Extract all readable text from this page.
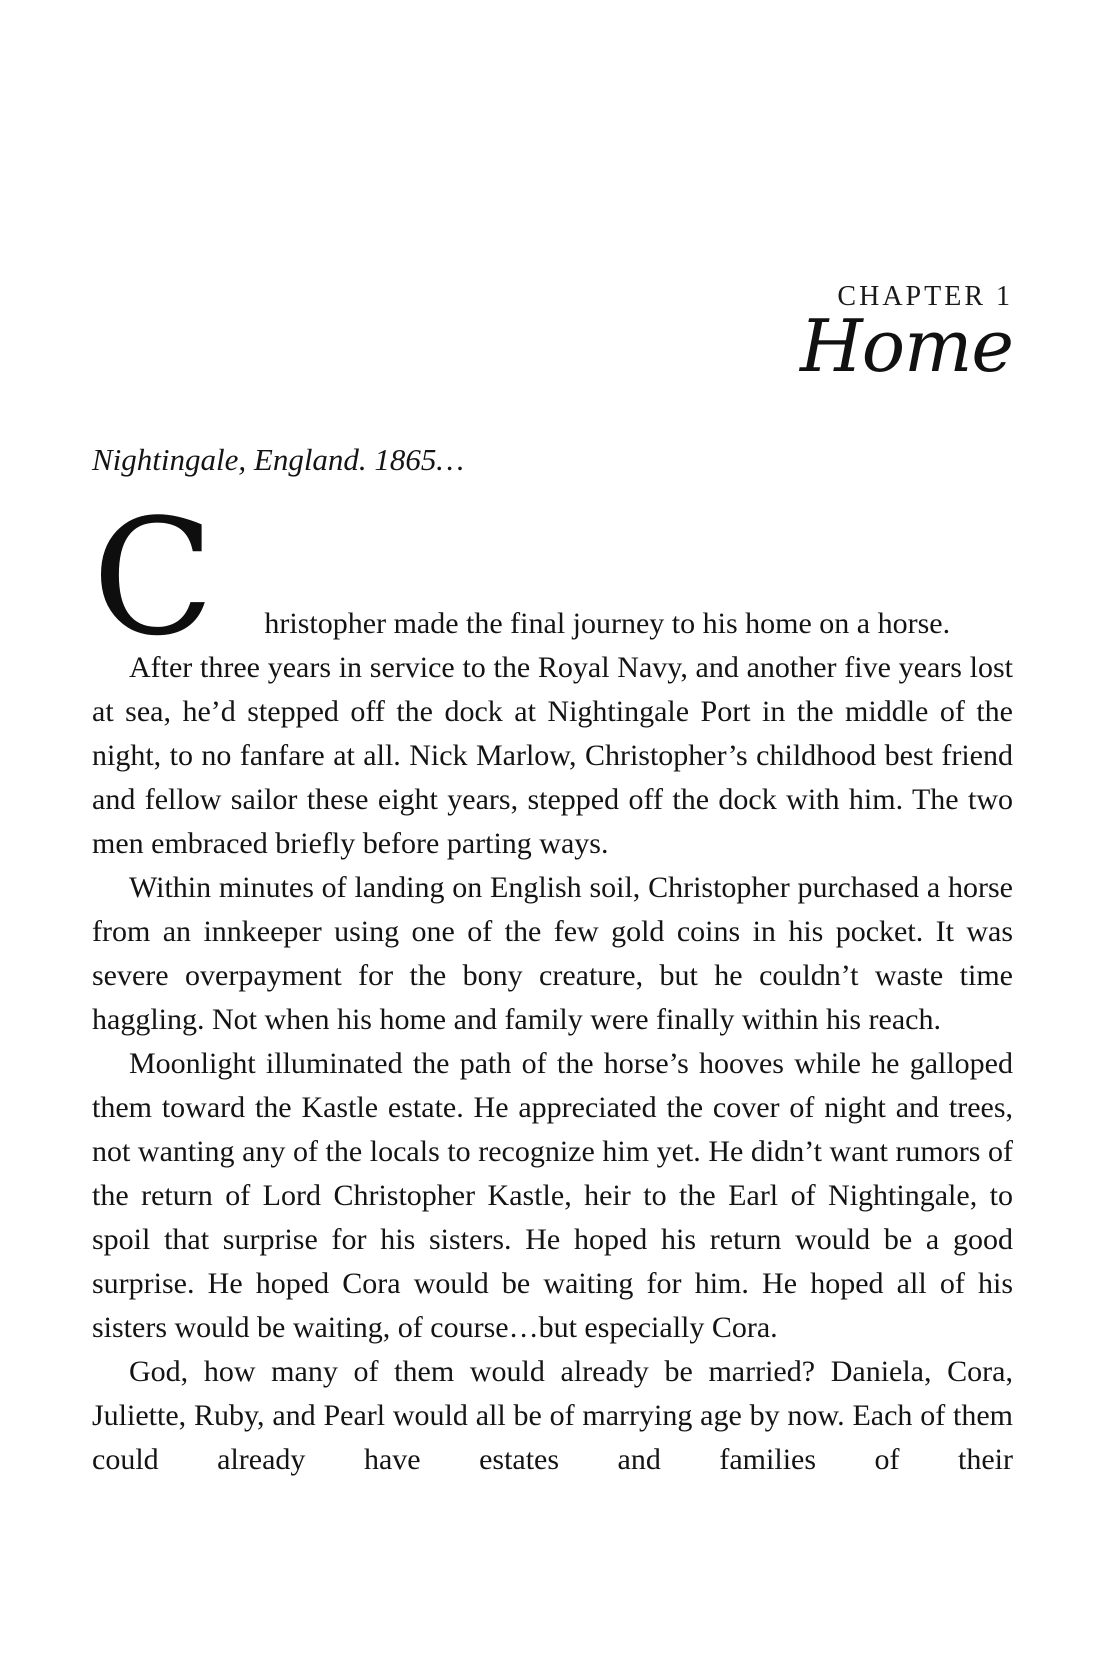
CHAPTER 1
Home

Nightingale, England. 1865…

C hristopher made the final journey to his home on a horse.

After three years in service to the Royal Navy, and another five years lost at sea, he’d stepped off the dock at Nightingale Port in the middle of the night, to no fanfare at all. Nick Marlow, Christopher’s childhood best friend and fellow sailor these eight years, stepped off the dock with him. The two men embraced briefly before parting ways.

Within minutes of landing on English soil, Christopher purchased a horse from an innkeeper using one of the few gold coins in his pocket. It was severe overpayment for the bony creature, but he couldn’t waste time haggling. Not when his home and family were finally within his reach.

Moonlight illuminated the path of the horse’s hooves while he galloped them toward the Kastle estate. He appreciated the cover of night and trees, not wanting any of the locals to recognize him yet. He didn’t want rumors of the return of Lord Christopher Kastle, heir to the Earl of Nightingale, to spoil that surprise for his sisters. He hoped his return would be a good surprise. He hoped Cora would be waiting for him. He hoped all of his sisters would be waiting, of course…but especially Cora.

God, how many of them would already be married? Daniela, Cora, Juliette, Ruby, and Pearl would all be of marrying age by now. Each of them could already have estates and families of their
